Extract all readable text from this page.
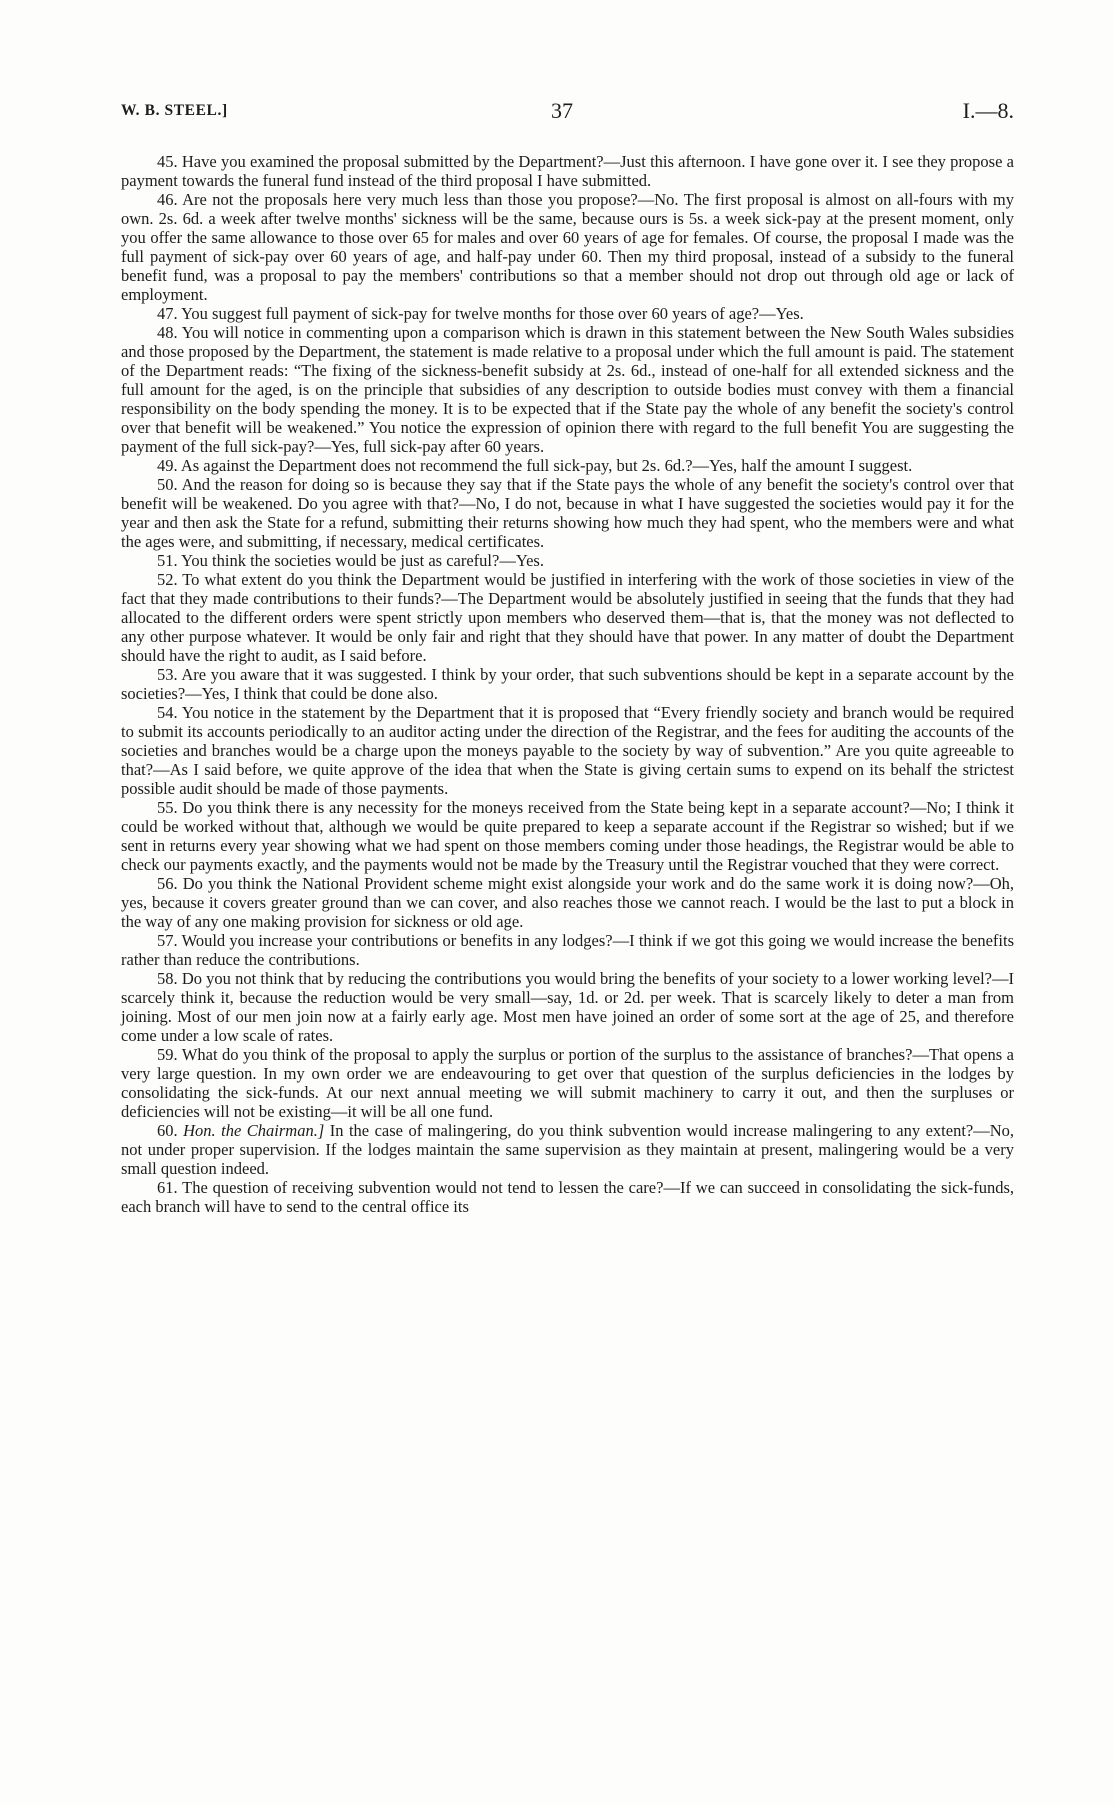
W. B. STEEL.]	37	I.—8.

45. Have you examined the proposal submitted by the Department?—Just this afternoon. I have gone over it. I see they propose a payment towards the funeral fund instead of the third proposal I have submitted.

46. Are not the proposals here very much less than those you propose?—No. The first proposal is almost on all-fours with my own. 2s. 6d. a week after twelve months' sickness will be the same, because ours is 5s. a week sick-pay at the present moment, only you offer the same allowance to those over 65 for males and over 60 years of age for females. Of course, the proposal I made was the full payment of sick-pay over 60 years of age, and half-pay under 60. Then my third proposal, instead of a subsidy to the funeral benefit fund, was a proposal to pay the members' contributions so that a member should not drop out through old age or lack of employment.

47. You suggest full payment of sick-pay for twelve months for those over 60 years of age?—Yes.

48. You will notice in commenting upon a comparison which is drawn in this statement between the New South Wales subsidies and those proposed by the Department, the statement is made relative to a proposal under which the full amount is paid. The statement of the Department reads: “The fixing of the sickness-benefit subsidy at 2s. 6d., instead of one-half for all extended sickness and the full amount for the aged, is on the principle that subsidies of any description to outside bodies must convey with them a financial responsibility on the body spending the money. It is to be expected that if the State pay the whole of any benefit the society's control over that benefit will be weakened.” You notice the expression of opinion there with regard to the full benefit You are suggesting the payment of the full sick-pay?—Yes, full sick-pay after 60 years.

49. As against the Department does not recommend the full sick-pay, but 2s. 6d.?—Yes, half the amount I suggest.

50. And the reason for doing so is because they say that if the State pays the whole of any benefit the society's control over that benefit will be weakened. Do you agree with that?—No, I do not, because in what I have suggested the societies would pay it for the year and then ask the State for a refund, submitting their returns showing how much they had spent, who the members were and what the ages were, and submitting, if necessary, medical certificates.

51. You think the societies would be just as careful?—Yes.

52. To what extent do you think the Department would be justified in interfering with the work of those societies in view of the fact that they made contributions to their funds?—The Department would be absolutely justified in seeing that the funds that they had allocated to the different orders were spent strictly upon members who deserved them—that is, that the money was not deflected to any other purpose whatever. It would be only fair and right that they should have that power. In any matter of doubt the Department should have the right to audit, as I said before.

53. Are you aware that it was suggested. I think by your order, that such subventions should be kept in a separate account by the societies?—Yes, I think that could be done also.

54. You notice in the statement by the Department that it is proposed that “Every friendly society and branch would be required to submit its accounts periodically to an auditor acting under the direction of the Registrar, and the fees for auditing the accounts of the societies and branches would be a charge upon the moneys payable to the society by way of subvention.” Are you quite agreeable to that?—As I said before, we quite approve of the idea that when the State is giving certain sums to expend on its behalf the strictest possible audit should be made of those payments.

55. Do you think there is any necessity for the moneys received from the State being kept in a separate account?—No; I think it could be worked without that, although we would be quite prepared to keep a separate account if the Registrar so wished; but if we sent in returns every year showing what we had spent on those members coming under those headings, the Registrar would be able to check our payments exactly, and the payments would not be made by the Treasury until the Registrar vouched that they were correct.

56. Do you think the National Provident scheme might exist alongside your work and do the same work it is doing now?—Oh, yes, because it covers greater ground than we can cover, and also reaches those we cannot reach. I would be the last to put a block in the way of any one making provision for sickness or old age.

57. Would you increase your contributions or benefits in any lodges?—I think if we got this going we would increase the benefits rather than reduce the contributions.

58. Do you not think that by reducing the contributions you would bring the benefits of your society to a lower working level?—I scarcely think it, because the reduction would be very small—say, 1d. or 2d. per week. That is scarcely likely to deter a man from joining. Most of our men join now at a fairly early age. Most men have joined an order of some sort at the age of 25, and therefore come under a low scale of rates.

59. What do you think of the proposal to apply the surplus or portion of the surplus to the assistance of branches?—That opens a very large question. In my own order we are endeavouring to get over that question of the surplus deficiencies in the lodges by consolidating the sick-funds. At our next annual meeting we will submit machinery to carry it out, and then the surpluses or deficiencies will not be existing—it will be all one fund.

60. Hon. the Chairman.] In the case of malingering, do you think subvention would increase malingering to any extent?—No, not under proper supervision. If the lodges maintain the same supervision as they maintain at present, malingering would be a very small question indeed.

61. The question of receiving subvention would not tend to lessen the care?—If we can succeed in consolidating the sick-funds, each branch will have to send to the central office its
